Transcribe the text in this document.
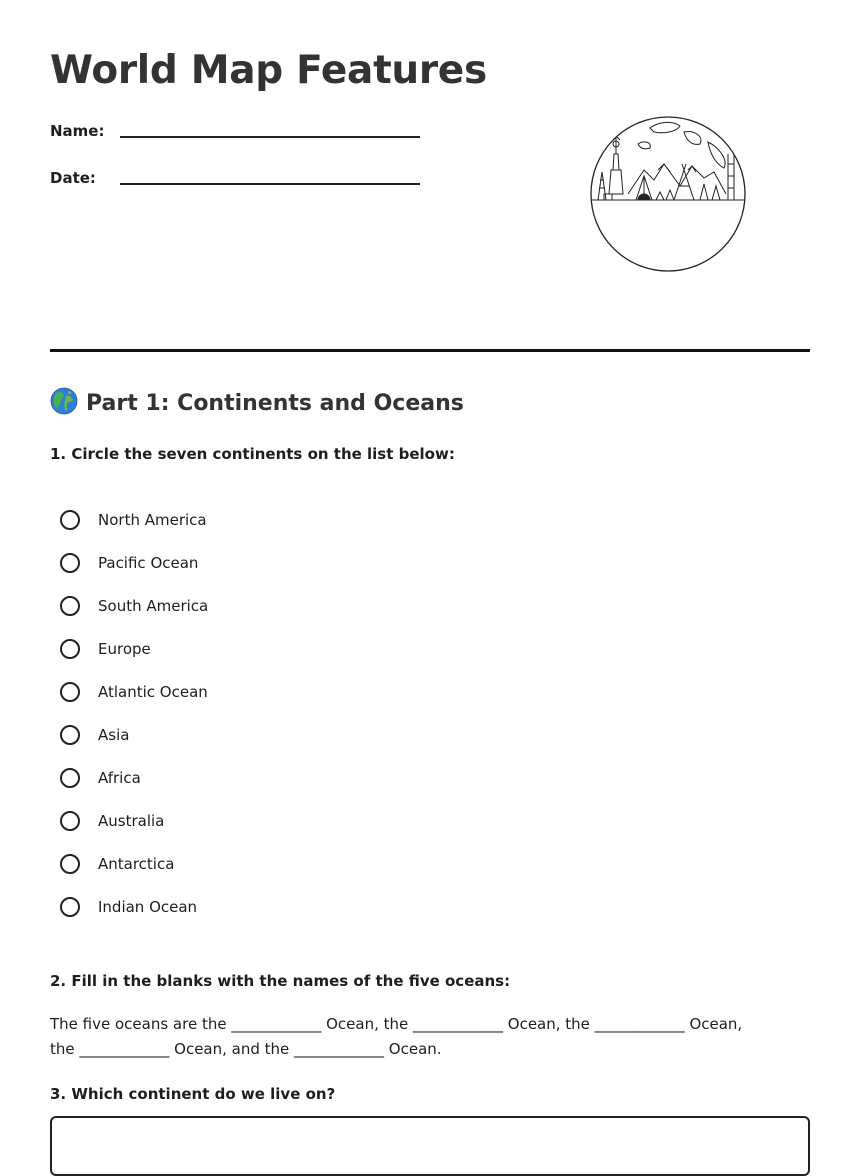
World Map Features
Name:
Date:
Part 1: Continents and Oceans

1. Circle the seven continents on the list below:

North America
Pacific Ocean
South America
Europe
Atlantic Ocean
Asia
Africa
Australia
Antarctica
Indian Ocean

2. Fill in the blanks with the names of the five oceans:

The five oceans are the ____________ Ocean, the ____________ Ocean, the ____________ Ocean, the ____________ Ocean, and the ____________ Ocean.

3. Which continent do we live on?
